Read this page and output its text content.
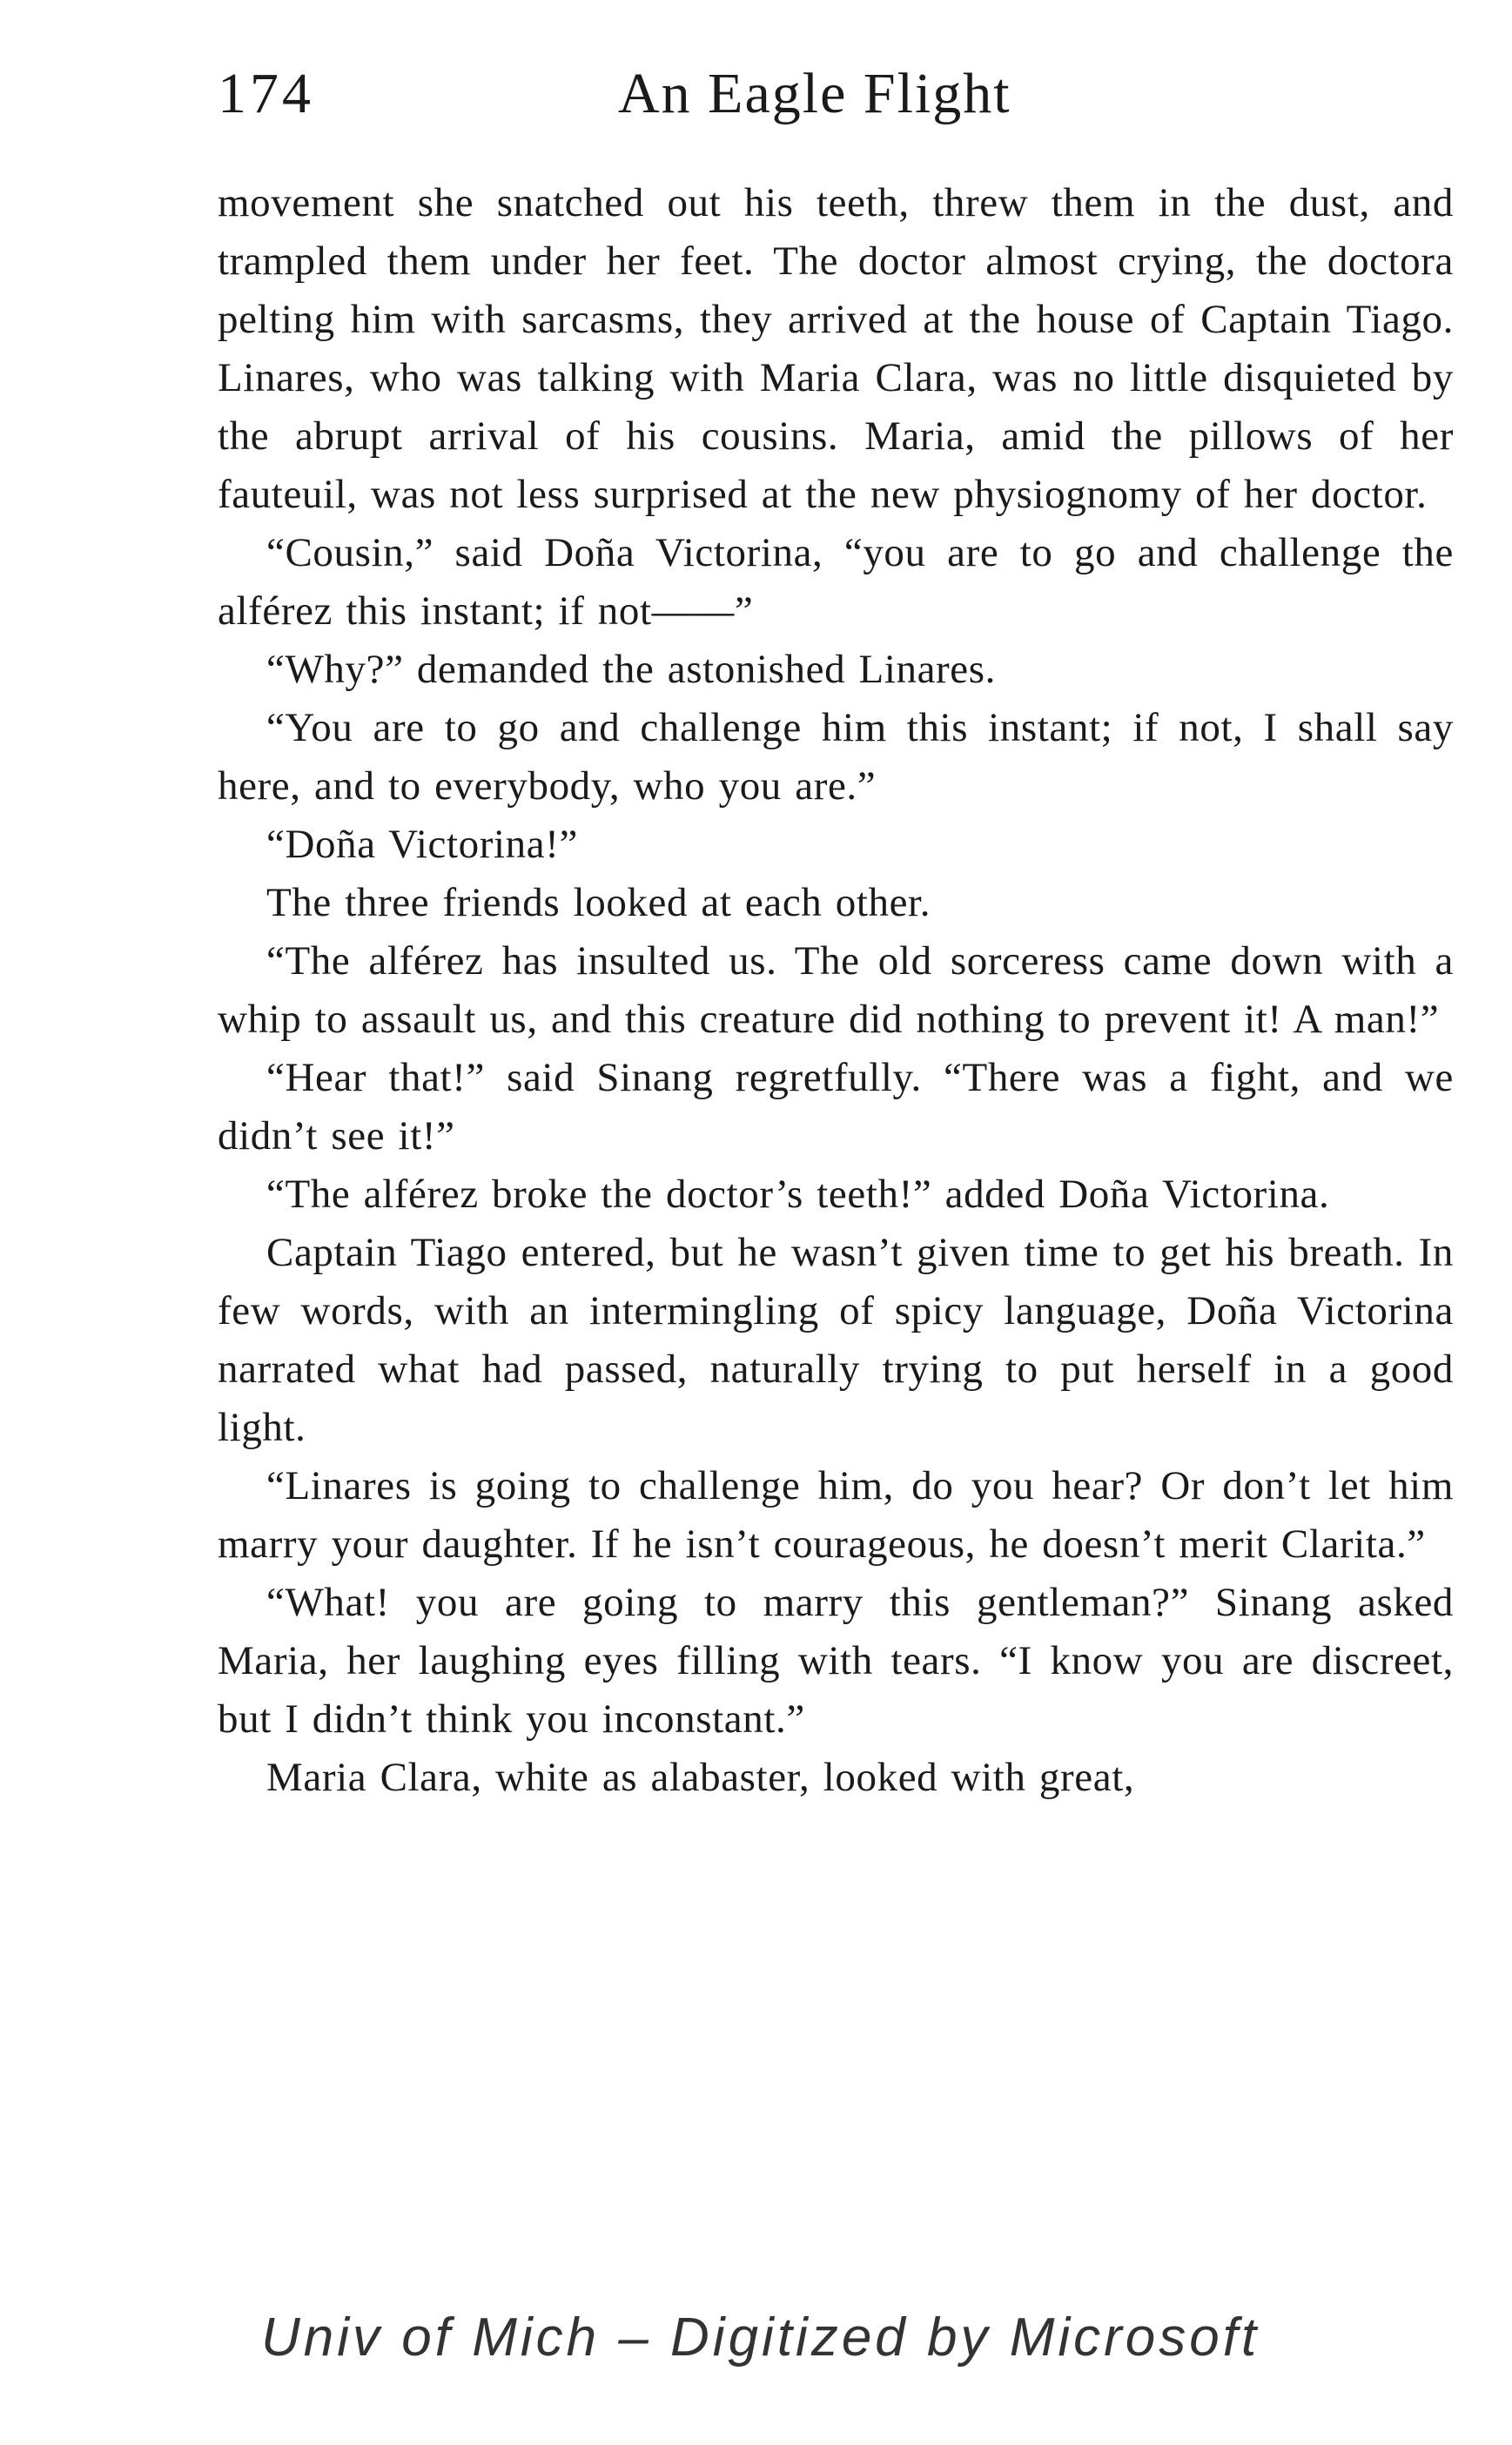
174	An Eagle Flight

movement she snatched out his teeth, threw them in the dust, and trampled them under her feet. The doctor almost crying, the doctora pelting him with sarcasms, they arrived at the house of Captain Tiago. Linares, who was talking with Maria Clara, was no little disquieted by the abrupt arrival of his cousins. Maria, amid the pillows of her fauteuil, was not less surprised at the new physiognomy of her doctor.

“Cousin,” said Doña Victorina, “you are to go and challenge the alférez this instant; if not——”

“Why?” demanded the astonished Linares.

“You are to go and challenge him this instant; if not, I shall say here, and to everybody, who you are.”

“Doña Victorina!”

The three friends looked at each other.

“The alférez has insulted us. The old sorceress came down with a whip to assault us, and this creature did nothing to prevent it! A man!”

“Hear that!” said Sinang regretfully. “There was a fight, and we didn’t see it!”

“The alférez broke the doctor’s teeth!” added Doña Victorina.

Captain Tiago entered, but he wasn’t given time to get his breath. In few words, with an intermingling of spicy language, Doña Victorina narrated what had passed, naturally trying to put herself in a good light.

“Linares is going to challenge him, do you hear? Or don’t let him marry your daughter. If he isn’t courageous, he doesn’t merit Clarita.”

“What! you are going to marry this gentleman?” Sinang asked Maria, her laughing eyes filling with tears. “I know you are discreet, but I didn’t think you inconstant.”

Maria Clara, white as alabaster, looked with great,

Univ of Mich – Digitized by Microsoft
